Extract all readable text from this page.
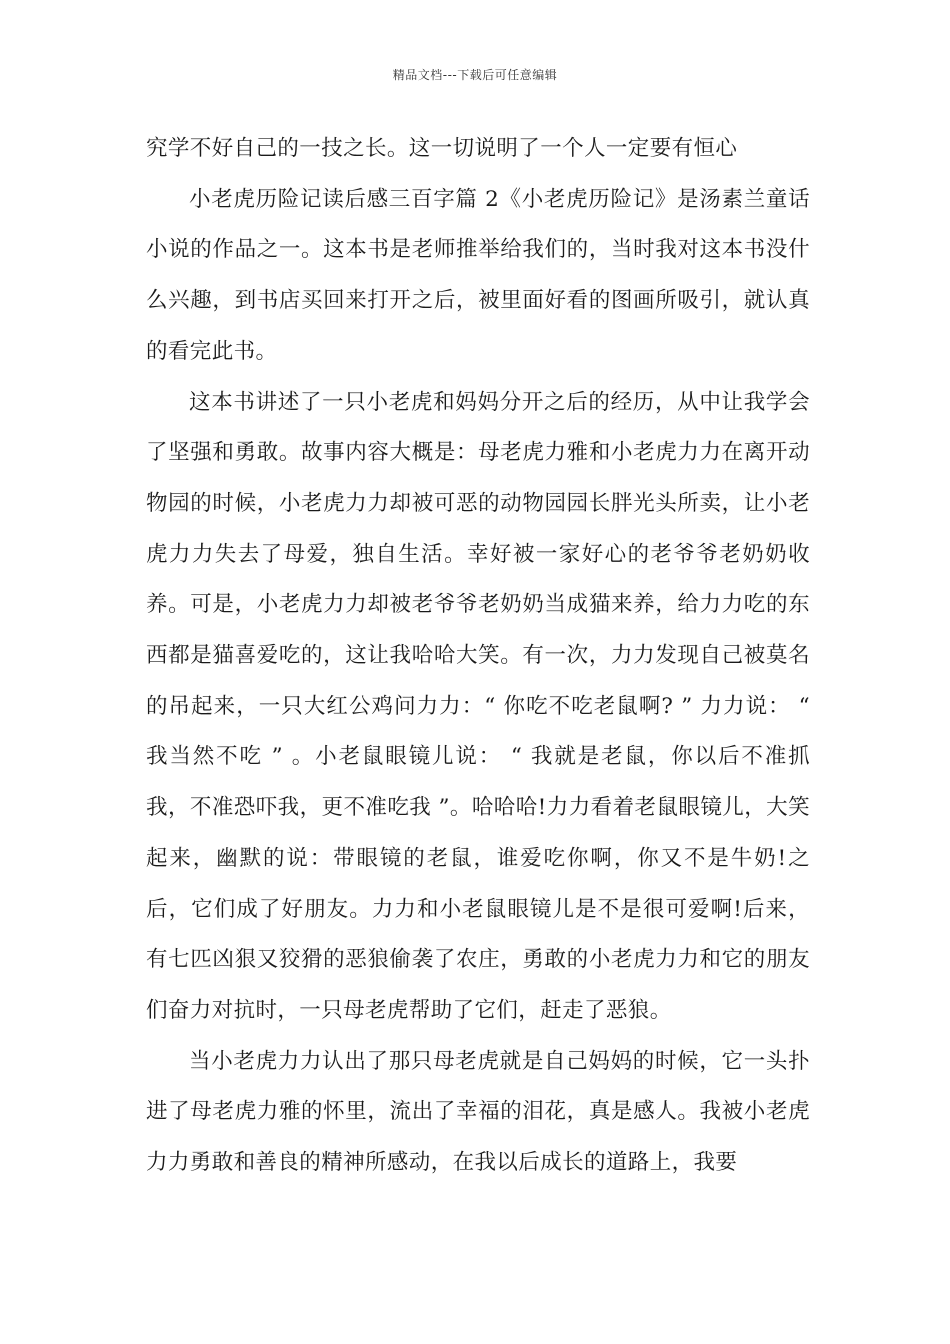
精品文档---下载后可任意编辑

究学不好自己的一技之长。这一切说明了一个人一定要有恒心

小老虎历险记读后感三百字篇 2《小老虎历险记》是汤素兰童话小说的作品之一。这本书是老师推举给我们的，当时我对这本书没什么兴趣，到书店买回来打开之后，被里面好看的图画所吸引，就认真的看完此书。

这本书讲述了一只小老虎和妈妈分开之后的经历，从中让我学会了坚强和勇敢。故事内容大概是：母老虎力雅和小老虎力力在离开动物园的时候，小老虎力力却被可恶的动物园园长胖光头所卖，让小老虎力力失去了母爱，独自生活。幸好被一家好心的老爷爷老奶奶收养。可是，小老虎力力却被老爷爷老奶奶当成猫来养，给力力吃的东西都是猫喜爱吃的，这让我哈哈大笑。有一次，力力发现自己被莫名的吊起来，一只大红公鸡问力力：“ 你吃不吃老鼠啊? ” 力力说： “ 我当然不吃 ” 。小老鼠眼镜儿说： “ 我就是老鼠，你以后不准抓我，不准恐吓我，更不准吃我 ”。哈哈哈!力力看着老鼠眼镜儿，大笑起来，幽默的说：带眼镜的老鼠，谁爱吃你啊，你又不是牛奶!之后，它们成了好朋友。力力和小老鼠眼镜儿是不是很可爱啊!后来，有七匹凶狠又狡猾的恶狼偷袭了农庄，勇敢的小老虎力力和它的朋友们奋力对抗时，一只母老虎帮助了它们，赶走了恶狼。

当小老虎力力认出了那只母老虎就是自己妈妈的时候，它一头扑进了母老虎力雅的怀里，流出了幸福的泪花，真是感人。我被小老虎力力勇敢和善良的精神所感动，在我以后成长的道路上，我要
